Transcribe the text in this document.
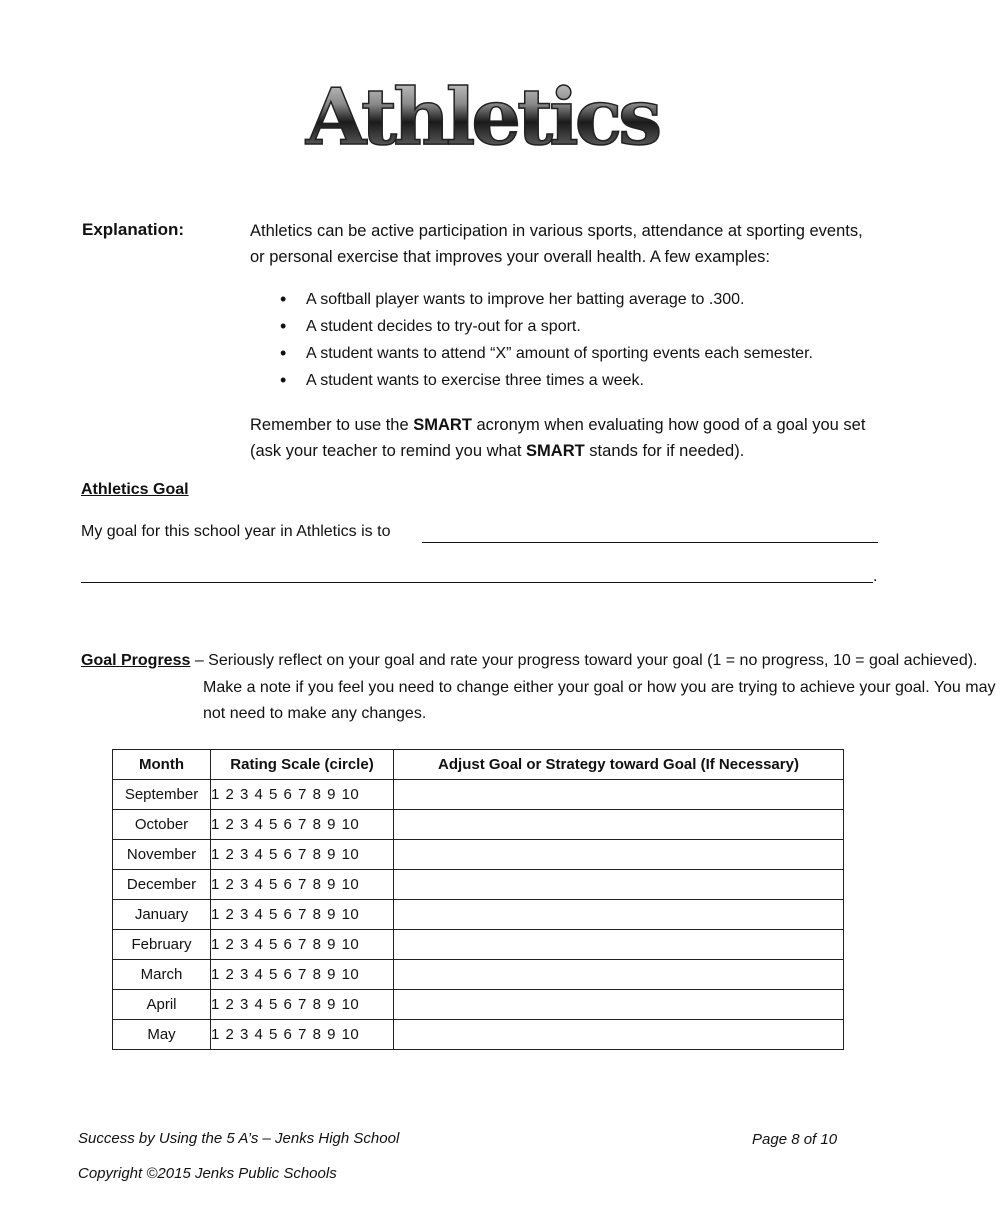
Athletics
Explanation:	Athletics can be active participation in various sports, attendance at sporting events, or personal exercise that improves your overall health. A few examples:
• A softball player wants to improve her batting average to .300.
• A student decides to try-out for a sport.
• A student wants to attend “X” amount of sporting events each semester.
• A student wants to exercise three times a week.
Remember to use the SMART acronym when evaluating how good of a goal you set (ask your teacher to remind you what SMART stands for if needed).
Athletics Goal
My goal for this school year in Athletics is to
.
Goal Progress – Seriously reflect on your goal and rate your progress toward your goal (1 = no progress, 10 = goal achieved). Make a note if you feel you need to change either your goal or how you are trying to achieve your goal. You may not need to make any changes.
Month	Rating Scale (circle)	Adjust Goal or Strategy toward Goal (If Necessary)
September	1 2 3 4 5 6 7 8 9 10	
October	1 2 3 4 5 6 7 8 9 10	
November	1 2 3 4 5 6 7 8 9 10	
December	1 2 3 4 5 6 7 8 9 10	
January	1 2 3 4 5 6 7 8 9 10	
February	1 2 3 4 5 6 7 8 9 10	
March	1 2 3 4 5 6 7 8 9 10	
April	1 2 3 4 5 6 7 8 9 10	
May	1 2 3 4 5 6 7 8 9 10	
Success by Using the 5 A’s – Jenks High School	Page 8 of 10
Copyright ©2015 Jenks Public Schools
